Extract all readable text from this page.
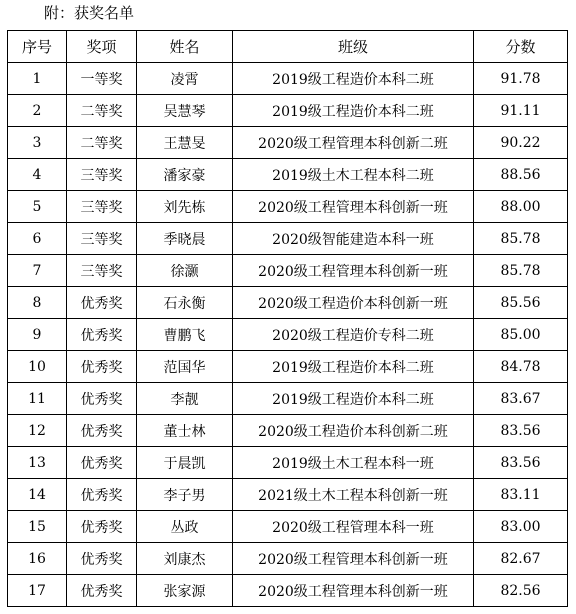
附：获奖名单
序号	奖项	姓名	班级	分数
1	一等奖	凌霄	2019级工程造价本科二班	91.78
2	二等奖	吴慧琴	2019级工程造价本科二班	91.11
3	二等奖	王慧旻	2020级工程管理本科创新二班	90.22
4	三等奖	潘家豪	2019级土木工程本科二班	88.56
5	三等奖	刘先栋	2020级工程管理本科创新一班	88.00
6	三等奖	季晓晨	2020级智能建造本科一班	85.78
7	三等奖	徐灏	2020级工程管理本科创新一班	85.78
8	优秀奖	石永衡	2020级工程造价本科创新一班	85.56
9	优秀奖	曹鹏飞	2020级工程造价专科二班	85.00
10	优秀奖	范国华	2019级工程造价本科二班	84.78
11	优秀奖	李靓	2019级工程造价本科二班	83.67
12	优秀奖	董士林	2020级工程造价本科创新二班	83.56
13	优秀奖	于晨凯	2019级土木工程本科一班	83.56
14	优秀奖	李子男	2021级土木工程本科创新一班	83.11
15	优秀奖	丛政	2020级工程管理本科一班	83.00
16	优秀奖	刘康杰	2020级工程管理本科创新一班	82.67
17	优秀奖	张家源	2020级工程管理本科创新一班	82.56
